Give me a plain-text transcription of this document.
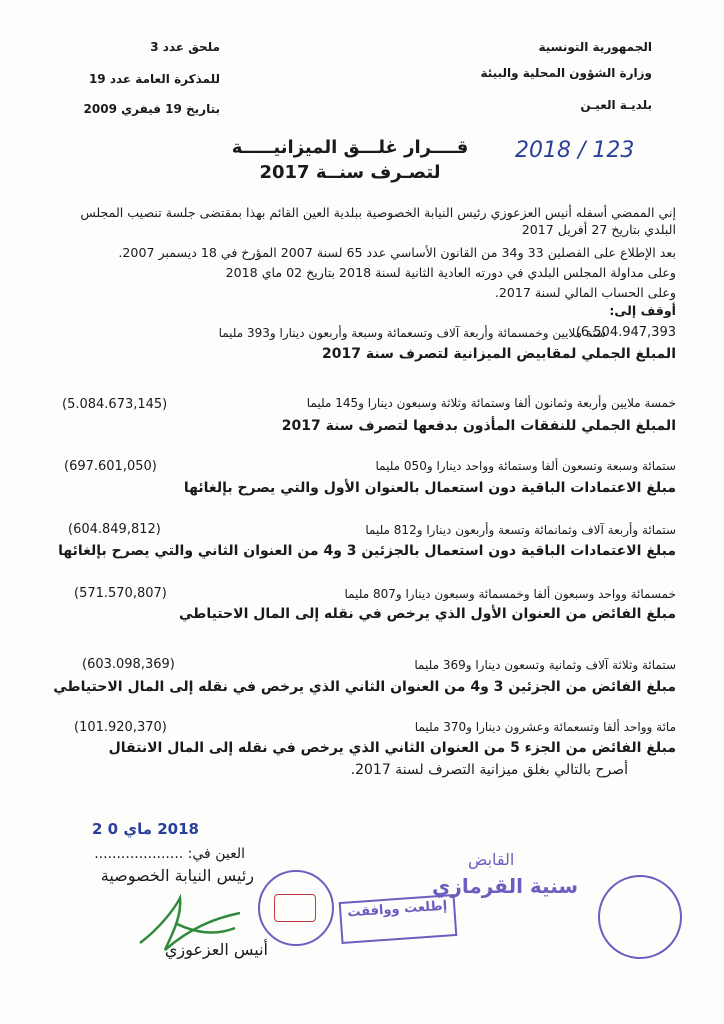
الجمهورية التونسية
وزارة الشؤون المحلية والبيئة
بلديـة العيـن
ملحق عدد 3
للمذكرة العامة عدد 19
بتاريخ 19 فيفري 2009
قــــرار غلـــق الميزانيـــــة
لتصـرف سنــة 2017
2018 / 123
إني الممضي أسفله أنيس العزعوزي رئيس النيابة الخصوصية ببلدية العين القائم بهذا بمقتضى جلسة تنصيب المجلس البلدي بتاريخ 27 أفريل 2017
بعد الإطلاع على الفصلين 33 و34 من القانون الأساسي عدد 65 لسنة 2007 المؤرخ في 18 ديسمبر 2007.
وعلى مداولة المجلس البلدي في دورته العادية الثانية لسنة 2018 بتاريخ 02 ماي 2018
وعلى الحساب المالي لسنة 2017.
أوقف إلى:
ستة ملايين وخمسمائة وأربعة آلاف وتسعمائة وسبعة وأربعون دينارا و393 مليما
(6.504.947,393
المبلغ الجملي لمقابيض الميزانية لتصرف سنة 2017
خمسة ملايين وأربعة وثمانون ألفا وستمائة وثلاثة وسبعون دينارا و145 مليما
(5.084.673,145)
المبلغ الجملي للنفقات المأذون بدفعها لتصرف سنة 2017
ستمائة وسبعة وتسعون ألفا وستمائة وواحد دينارا و050 مليما
(697.601,050)
مبلغ الاعتمادات الباقية دون استعمال بالعنوان الأول والتي يصرح بإلغائها
ستمائة وأربعة آلاف وثمانمائة وتسعة وأربعون دينارا و812 مليما
(604.849,812)
مبلغ الاعتمادات الباقية دون استعمال بالجزئين 3 و4 من العنوان الثاني والتي يصرح بإلغائها
خمسمائة وواحد وسبعون ألفا وخمسمائة وسبعون دينارا و807 مليما
(571.570,807)
مبلغ الفائض من العنوان الأول الذي يرخص في نقله إلى المال الاحتياطي
ستمائة وثلاثة آلاف وثمانية وتسعون دينارا و369 مليما
(603.098,369)
مبلغ الفائض من الجزئين 3 و4 من العنوان الثاني الذي يرخص في نقله إلى المال الاحتياطي
مائة وواحد ألفا وتسعمائة وعشرون دينارا و370 مليما
(101.920,370)
مبلغ الفائض من الجزء 5 من العنوان الثاني الذي يرخص في نقله إلى المال الانتقال
أصرح بالتالي بغلق ميزانية التصرف لسنة 2017.
2018 ماي 0 2
العين في: ....................
رئيس النيابة الخصوصية
أنيس العزعوزي
القابض
سنية القرمازي
إطلعت ووافقت
